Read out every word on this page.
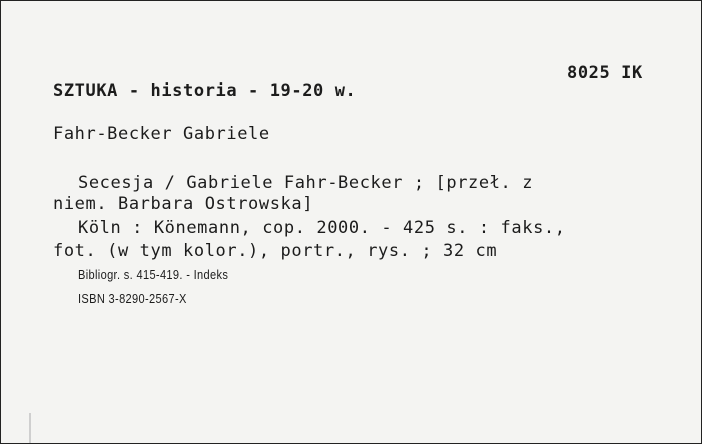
8025 IK
SZTUKA - historia - 19-20 w.
Fahr-Becker Gabriele
Secesja / Gabriele Fahr-Becker ; [przeł. z
niem. Barbara Ostrowska]
Köln : Könemann, cop. 2000. - 425 s. : faks.,
fot. (w tym kolor.), portr., rys. ; 32 cm
Bibliogr. s. 415-419. - Indeks
ISBN 3-8290-2567-X
